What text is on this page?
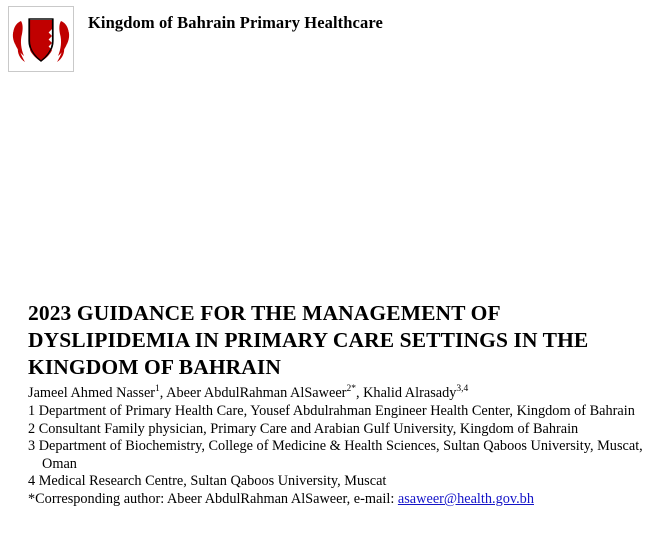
Kingdom of Bahrain Primary Healthcare
2023 GUIDANCE FOR THE MANAGEMENT OF DYSLIPIDEMIA IN PRIMARY CARE SETTINGS IN THE KINGDOM OF BAHRAIN

Jameel Ahmed Nasser$^1$, Abeer AbdulRahman AlSaweer$^{2*}$, Khalid Alrasady$^{3,4}$

1 Department of Primary Health Care, Yousef Abdulrahman Engineer Health Center, Kingdom of Bahrain

2 Consultant Family physician, Primary Care and Arabian Gulf University, Kingdom of Bahrain

3 Department of Biochemistry, College of Medicine & Health Sciences, Sultan Qaboos University, Muscat, Oman

4 Medical Research Centre, Sultan Qaboos University, Muscat

*Corresponding author: Abeer AbdulRahman AlSaweer, e-mail: asaweer@health.gov.bh
